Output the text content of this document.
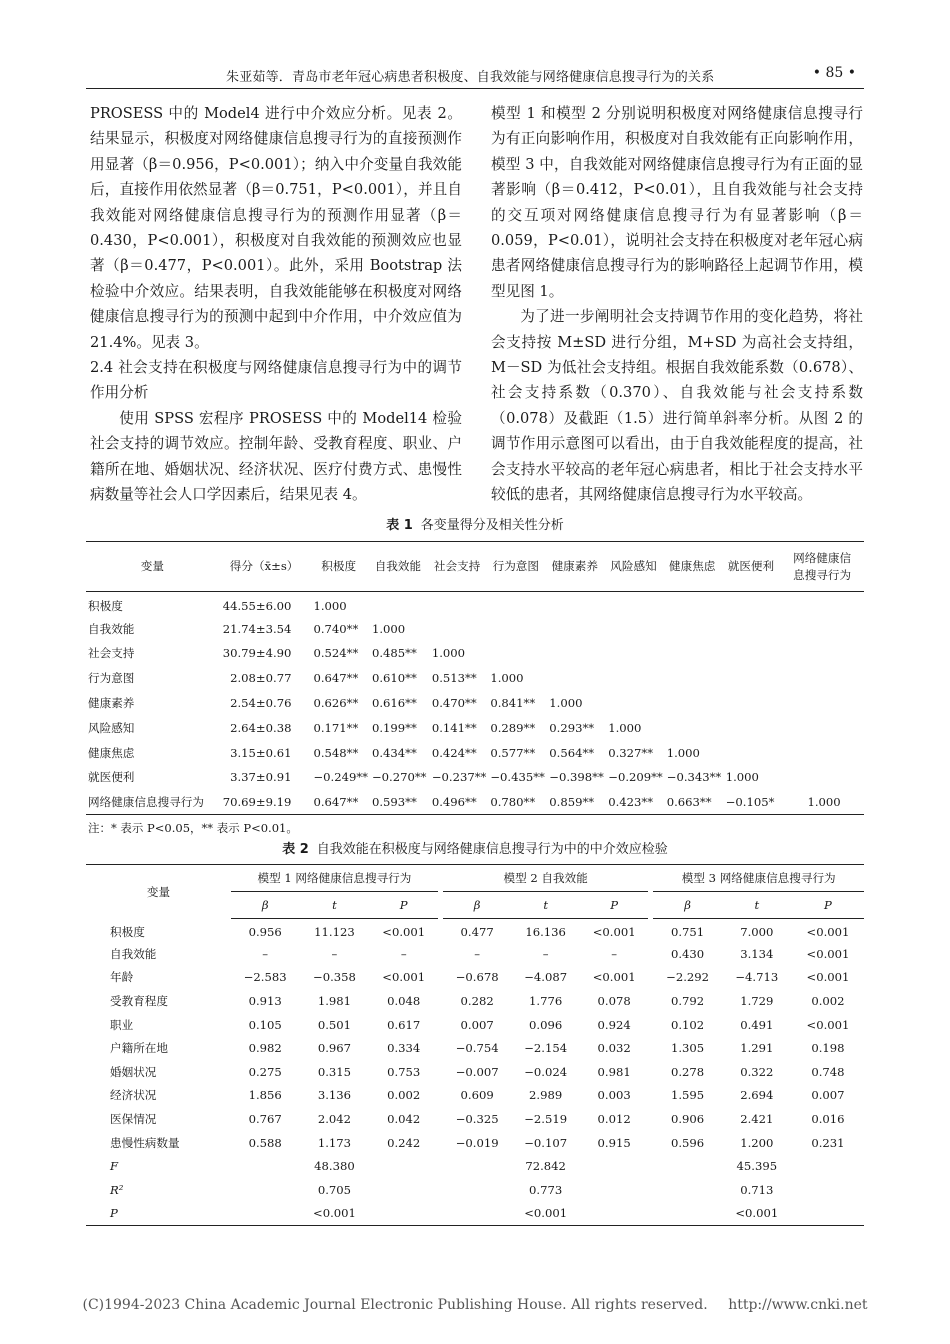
朱亚茹等．青岛市老年冠心病患者积极度、自我效能与网络健康信息搜寻行为的关系	• 85 •

PROSESS 中的 Model4 进行中介效应分析。见表 2。结果显示，积极度对网络健康信息搜寻行为的直接预测作用显著（β＝0.956，P<0.001）；纳入中介变量自我效能后，直接作用依然显著（β＝0.751，P<0.001），并且自我效能对网络健康信息搜寻行为的预测作用显著（β＝0.430，P<0.001），积极度对自我效能的预测效应也显著（β＝0.477，P<0.001）。此外，采用 Bootstrap 法检验中介效应。结果表明，自我效能能够在积极度对网络健康信息搜寻行为的预测中起到中介作用，中介效应值为 21.4%。见表 3。

2.4 社会支持在积极度与网络健康信息搜寻行为中的调节作用分析

使用 SPSS 宏程序 PROSESS 中的 Model14 检验社会支持的调节效应。控制年龄、受教育程度、职业、户籍所在地、婚姻状况、经济状况、医疗付费方式、患慢性病数量等社会人口学因素后，结果见表 4。

模型 1 和模型 2 分别说明积极度对网络健康信息搜寻行为有正向影响作用，积极度对自我效能有正向影响作用，模型 3 中，自我效能对网络健康信息搜寻行为有正面的显著影响（β＝0.412，P<0.01），且自我效能与社会支持的交互项对网络健康信息搜寻行为有显著影响（β＝0.059，P<0.01），说明社会支持在积极度对老年冠心病患者网络健康信息搜寻行为的影响路径上起调节作用，模型见图 1。

为了进一步阐明社会支持调节作用的变化趋势，将社会支持按 M±SD 进行分组，M+SD 为高社会支持组，M－SD 为低社会支持组。根据自我效能系数（0.678）、社会支持系数（0.370）、自我效能与社会支持系数（0.078）及截距（1.5）进行简单斜率分析。从图 2 的调节作用示意图可以看出，由于自我效能程度的提高，社会支持水平较高的老年冠心病患者，相比于社会支持水平较低的患者，其网络健康信息搜寻行为水平较高。

表 1 各变量得分及相关性分析
变量	得分（x̄±s）	积极度	自我效能	社会支持	行为意图	健康素养	风险感知	健康焦虑	就医便利	网络健康信
息搜寻行为
积极度	44.55±6.00	1.000								
自我效能	21.74±3.54	0.740**	1.000							
社会支持	30.79±4.90	0.524**	0.485**	1.000						
行为意图	2.08±0.77	0.647**	0.610**	0.513**	1.000					
健康素养	2.54±0.76	0.626**	0.616**	0.470**	0.841**	1.000				
风险感知	2.64±0.38	0.171**	0.199**	0.141**	0.289**	0.293**	1.000			
健康焦虑	3.15±0.61	0.548**	0.434**	0.424**	0.577**	0.564**	0.327**	1.000		
就医便利	3.37±0.91	−0.249**	−0.270**	−0.237**	−0.435**	−0.398**	−0.209**	−0.343**	1.000	
网络健康信息搜寻行为	70.69±9.19	0.647**	0.593**	0.496**	0.780**	0.859**	0.423**	0.663**	−0.105*	1.000
注：* 表示 P<0.05，** 表示 P<0.01。
表 2 自我效能在积极度与网络健康信息搜寻行为中的中介效应检验
变量	模型 1 网络健康信息搜寻行为				模型 2 自我效能				模型 3 网络健康信息搜寻行为		
	β	t	P		β	t	P		β	t	P
积极度	0.956	11.123	<0.001		0.477	16.136	<0.001		0.751	7.000	<0.001
自我效能	–	–	–		–	–	–		0.430	3.134	<0.001
年龄	−2.583	−0.358	<0.001		−0.678	−4.087	<0.001		−2.292	−4.713	<0.001
受教育程度	0.913	1.981	0.048		0.282	1.776	0.078		0.792	1.729	0.002
职业	0.105	0.501	0.617		0.007	0.096	0.924		0.102	0.491	<0.001
户籍所在地	0.982	0.967	0.334		−0.754	−2.154	0.032		1.305	1.291	0.198
婚姻状况	0.275	0.315	0.753		−0.007	−0.024	0.981		0.278	0.322	0.748
经济状况	1.856	3.136	0.002		0.609	2.989	0.003		1.595	2.694	0.007
医保情况	0.767	2.042	0.042		−0.325	−2.519	0.012		0.906	2.421	0.016
患慢性病数量	0.588	1.173	0.242		−0.019	−0.107	0.915		0.596	1.200	0.231
F		48.380				72.842				45.395	
R²		0.705				0.773				0.713	
P		<0.001				<0.001				<0.001	
(C)1994-2023 China Academic Journal Electronic Publishing House. All rights reserved. http://www.cnki.net
